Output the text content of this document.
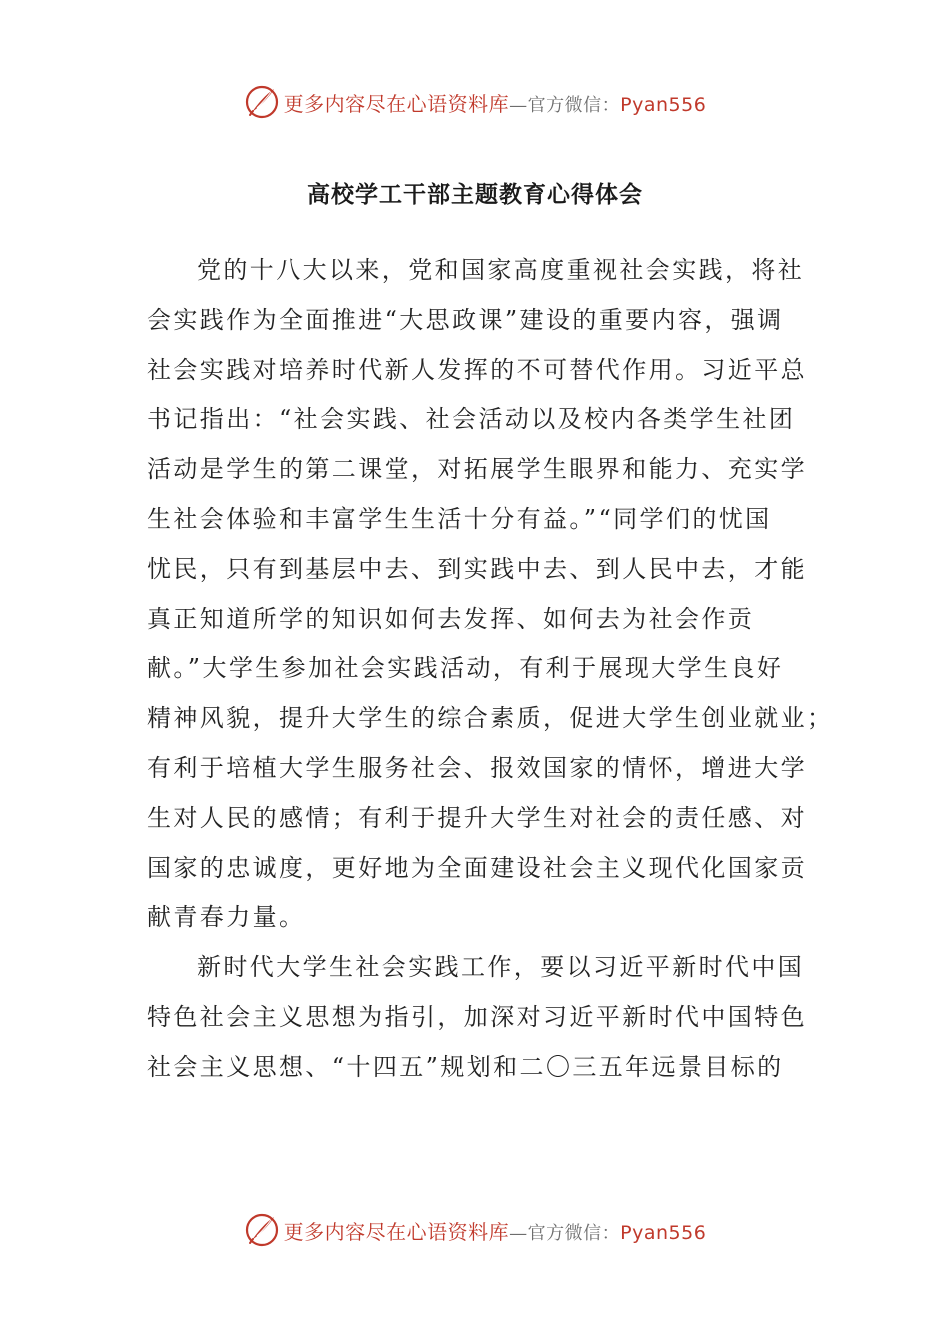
更多内容尽在心语资料库—官方微信：Pyan556
高校学工干部主题教育心得体会
党的十八大以来，党和国家高度重视社会实践，将社
会实践作为全面推进“大思政课”建设的重要内容，强调
社会实践对培养时代新人发挥的不可替代作用。习近平总
书记指出：“社会实践、社会活动以及校内各类学生社团
活动是学生的第二课堂，对拓展学生眼界和能力、充实学
生社会体验和丰富学生生活十分有益。”“同学们的忧国
忧民，只有到基层中去、到实践中去、到人民中去，才能
真正知道所学的知识如何去发挥、如何去为社会作贡
献。”大学生参加社会实践活动，有利于展现大学生良好
精神风貌，提升大学生的综合素质，促进大学生创业就业；
有利于培植大学生服务社会、报效国家的情怀，增进大学
生对人民的感情；有利于提升大学生对社会的责任感、对
国家的忠诚度，更好地为全面建设社会主义现代化国家贡
献青春力量。
新时代大学生社会实践工作，要以习近平新时代中国
特色社会主义思想为指引，加深对习近平新时代中国特色
社会主义思想、“十四五”规划和二〇三五年远景目标的
更多内容尽在心语资料库—官方微信：Pyan556
